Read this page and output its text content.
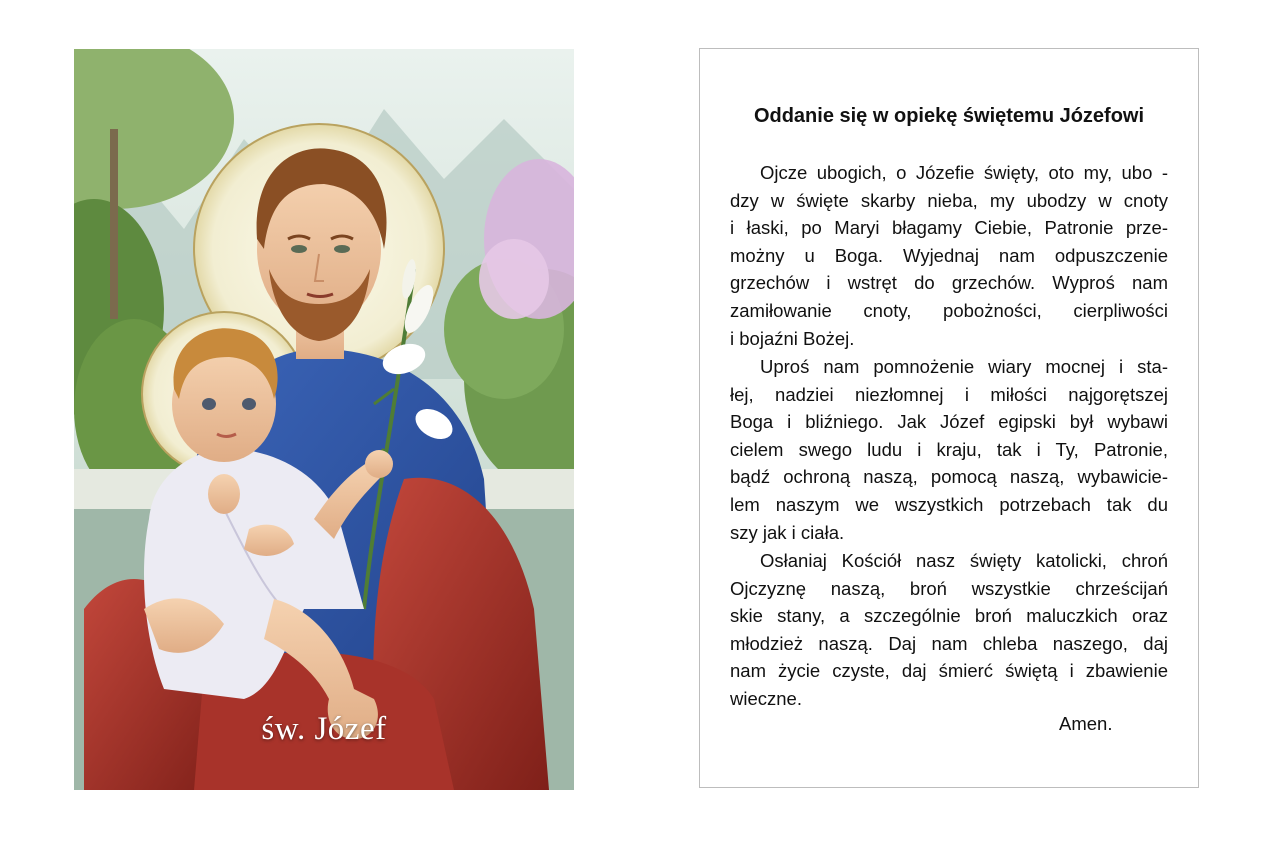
św. Józef
Oddanie się w opiekę świętemu Józefowi
Ojcze ubogich, o Józefie święty, oto my, ubo -
dzy w święte skarby nieba, my ubodzy w cnoty
i łaski, po Maryi błagamy Ciebie, Patronie prze-
możny u Boga. Wyjednaj nam odpuszczenie
grzechów i wstręt do grzechów. Wyproś nam
zamiłowanie cnoty, pobożności, cierpliwości
i bojaźni Bożej.
Uproś nam pomnożenie wiary mocnej i sta-
łej, nadziei niezłomnej i miłości najgorętszej
Boga i bliźniego. Jak Józef egipski był wybawi
cielem swego ludu i kraju, tak i Ty, Patronie,
bądź ochroną naszą, pomocą naszą, wybawicie-
lem naszym we wszystkich potrzebach tak du
szy jak i ciała.
Osłaniaj Kościół nasz święty katolicki, chroń
Ojczyznę naszą, broń wszystkie chrześcijań
skie stany, a szczególnie broń maluczkich oraz
młodzież naszą. Daj nam chleba naszego, daj
nam życie czyste, daj śmierć świętą i zbawienie
wieczne.
Amen.
